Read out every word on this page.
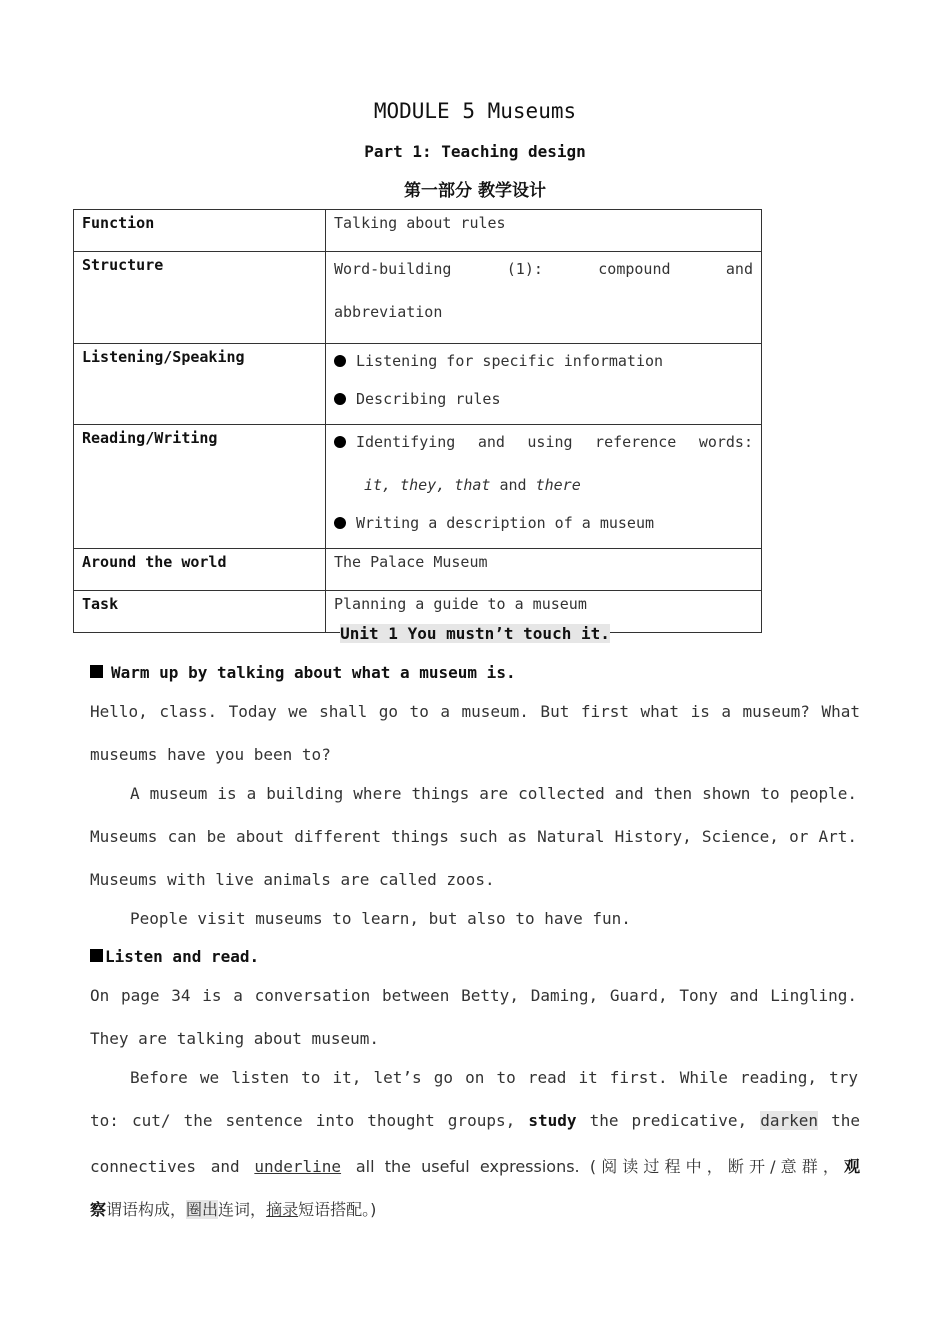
MODULE 5 Museums
Part 1: Teaching design
第一部分 教学设计
Function	Talking about rules
Structure	Word-building (1): compound and
abbreviation

Listening/Speaking	Listening for specific information
Describing rules

Reading/Writing	Identifying and using reference words:
it, they, that and there
Writing a description of a museum

Around the world	The Palace Museum
Task	Planning a guide to a museum
Unit 1 You mustn’t touch it.
Warm up by talking about what a museum is.
Hello, class. Today we shall go to a museum. But first what is a museum? What
museums have you been to?
A museum is a building where things are collected and then shown to people.
Museums can be about different things such as Natural History, Science, or Art.
Museums with live animals are called zoos.
People visit museums to learn, but also to have fun.
Listen and read.
On page 34 is a conversation between Betty, Daming, Guard, Tony and Lingling.
They are talking about museum.
Before we listen to it, let’s go on to read it first. While reading, try
to: cut/ the sentence into thought groups, study the predicative, darken the
connectives and underline all the useful expressions. (阅读过程中，断开/意群，观
察谓语构成，圈出连词，摘录短语搭配。)
